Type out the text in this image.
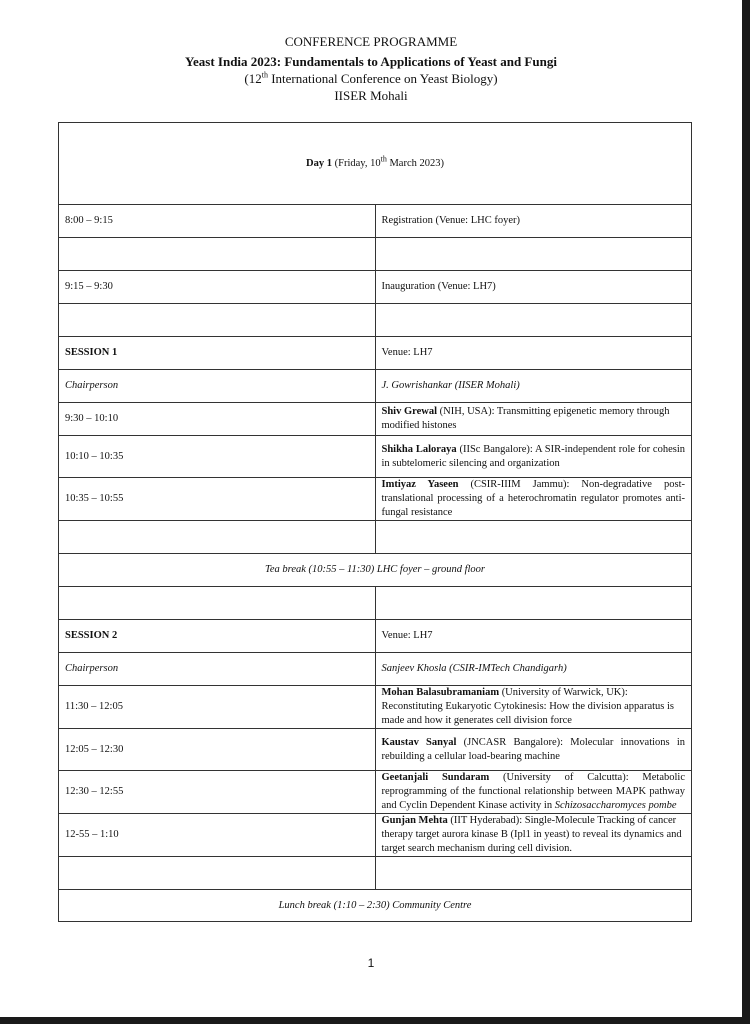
CONFERENCE PROGRAMME
Yeast India 2023: Fundamentals to Applications of Yeast and Fungi
(12th International Conference on Yeast Biology)
IISER Mohali
Day 1 (Friday, 10th March 2023)	
8:00 – 9:15	Registration (Venue: LHC foyer)

9:15 – 9:30	Inauguration (Venue: LH7)

SESSION 1	Venue: LH7
Chairperson	J. Gowrishankar (IISER Mohali)
9:30 – 10:10	Shiv Grewal (NIH, USA): Transmitting epigenetic memory through modified histones
10:10 – 10:35	Shikha Laloraya (IISc Bangalore): A SIR-independent role for cohesin in subtelomeric silencing and organization
10:35 – 10:55	Imtiyaz Yaseen (CSIR-IIIM Jammu): Non-degradative post-translational processing of a heterochromatin regulator promotes anti-fungal resistance

Tea break (10:55 – 11:30) LHC foyer – ground floor	

SESSION 2	Venue: LH7
Chairperson	Sanjeev Khosla (CSIR-IMTech Chandigarh)
11:30 – 12:05	Mohan Balasubramaniam (University of Warwick, UK): Reconstituting Eukaryotic Cytokinesis: How the division apparatus is made and how it generates cell division force
12:05 – 12:30	Kaustav Sanyal (JNCASR Bangalore): Molecular innovations in rebuilding a cellular load-bearing machine
12:30 – 12:55	Geetanjali Sundaram (University of Calcutta): Metabolic reprogramming of the functional relationship between MAPK pathway and Cyclin Dependent Kinase activity in Schizosaccharomyces pombe
12-55 – 1:10	Gunjan Mehta (IIT Hyderabad): Single-Molecule Tracking of cancer therapy target aurora kinase B (Ipl1 in yeast) to reveal its dynamics and target search mechanism during cell division.

Lunch break (1:10 – 2:30) Community Centre	
1
